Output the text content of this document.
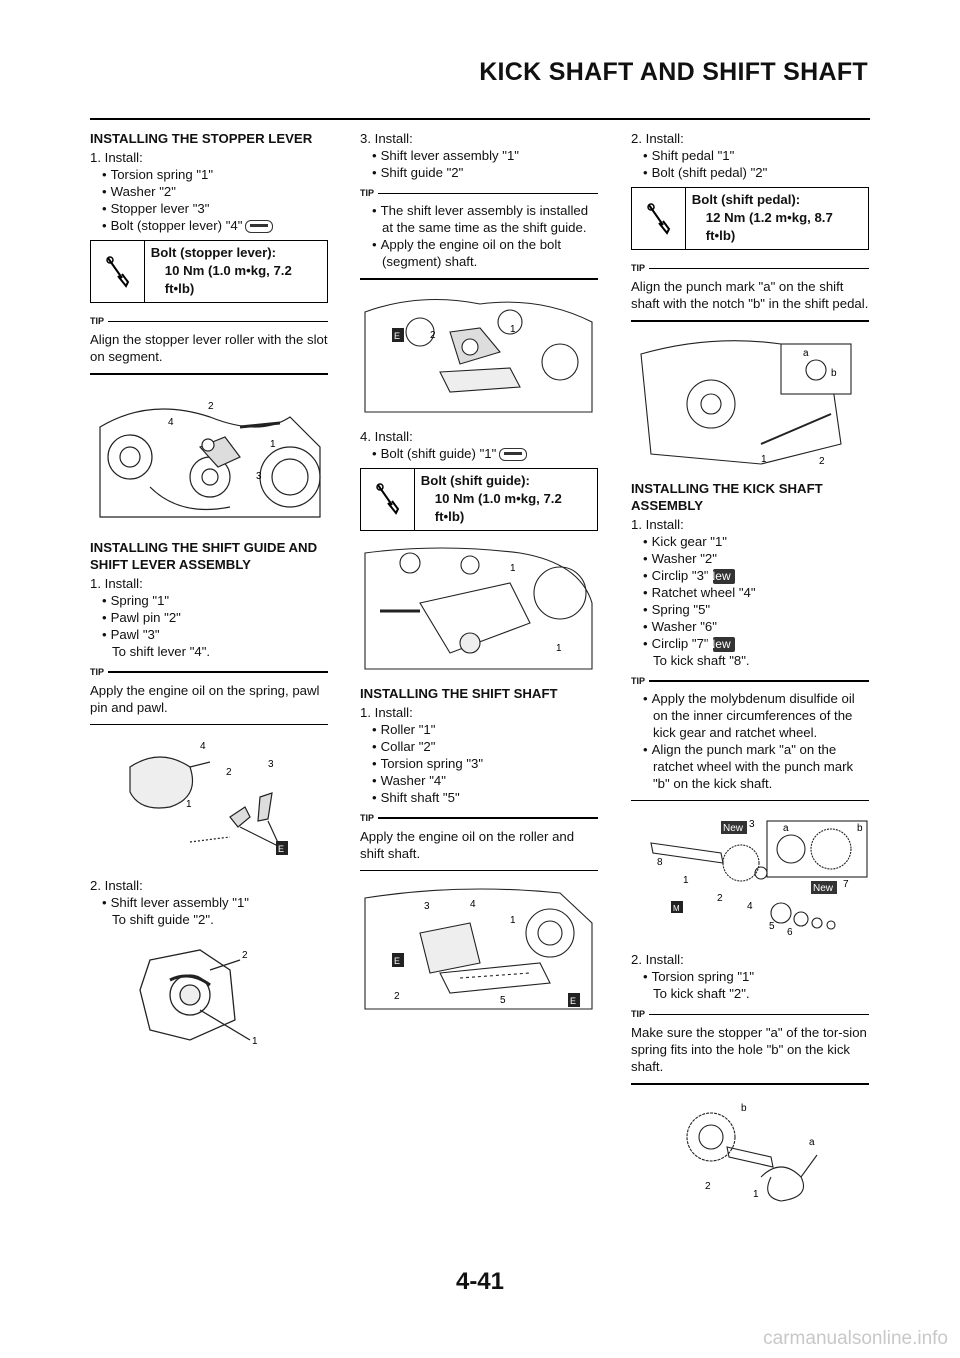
KICK SHAFT AND SHIFT SHAFT
INSTALLING THE STOPPER LEVER
1. Install:
• Torsion spring "1"
• Washer "2"
• Stopper lever "3"
• Bolt (stopper lever) "4"
Bolt (stopper lever):
10 Nm (1.0 m•kg, 7.2 ft•lb)
TIP
Align the stopper lever roller with the slot on segment.
4
2
1
3
INSTALLING THE SHIFT GUIDE AND SHIFT LEVER ASSEMBLY
1. Install:
• Spring "1"
• Pawl pin "2"
• Pawl "3"
To shift lever "4".
TIP
Apply the engine oil on the spring, pawl pin and pawl.
E
4
2
3
1
2. Install:
• Shift lever assembly "1"
To shift guide "2".
2
1
3. Install:
• Shift lever assembly "1"
• Shift guide "2"
TIP
• The shift lever assembly is installed at the same time as the shift guide.
• Apply the engine oil on the bolt (segment) shaft.
E	2
1
4. Install:
• Bolt (shift guide) "1"
Bolt (shift guide):
10 Nm (1.0 m•kg, 7.2 ft•lb)
1
1
INSTALLING THE SHIFT SHAFT
1. Install:
• Roller "1"
• Collar "2"
• Torsion spring "3"
• Washer "4"
• Shift shaft "5"
TIP
Apply the engine oil on the roller and shift shaft.
E
E
3	4
1
2	5
2. Install:
• Shift pedal "1"
• Bolt (shift pedal) "2"
Bolt (shift pedal):
12 Nm (1.2 m•kg, 8.7 ft•lb)
TIP
Align the punch mark "a" on the shift shaft with the notch "b" in the shift pedal.
a
b
1	2
INSTALLING THE KICK SHAFT ASSEMBLY
1. Install:
• Kick gear "1"
• Washer "2"
• Circlip "3"New
• Ratchet wheel "4"
• Spring "5"
• Washer "6"
• Circlip "7"New
To kick shaft "8".
TIP
• Apply the molybdenum disulfide oil on the inner circumferences of the kick gear and ratchet wheel.
• Align the punch mark "a" on the ratchet wheel with the punch mark "b" on the kick shaft.
New
New
M
8
1
3	a	b
2
4
5
6
7
2. Install:
• Torsion spring "1"
To kick shaft "2".
TIP
Make sure the stopper "a" of the tor-sion spring fits into the hole "b" on the kick shaft.
b
a
2
1
4-41
carmanualsonline.info
